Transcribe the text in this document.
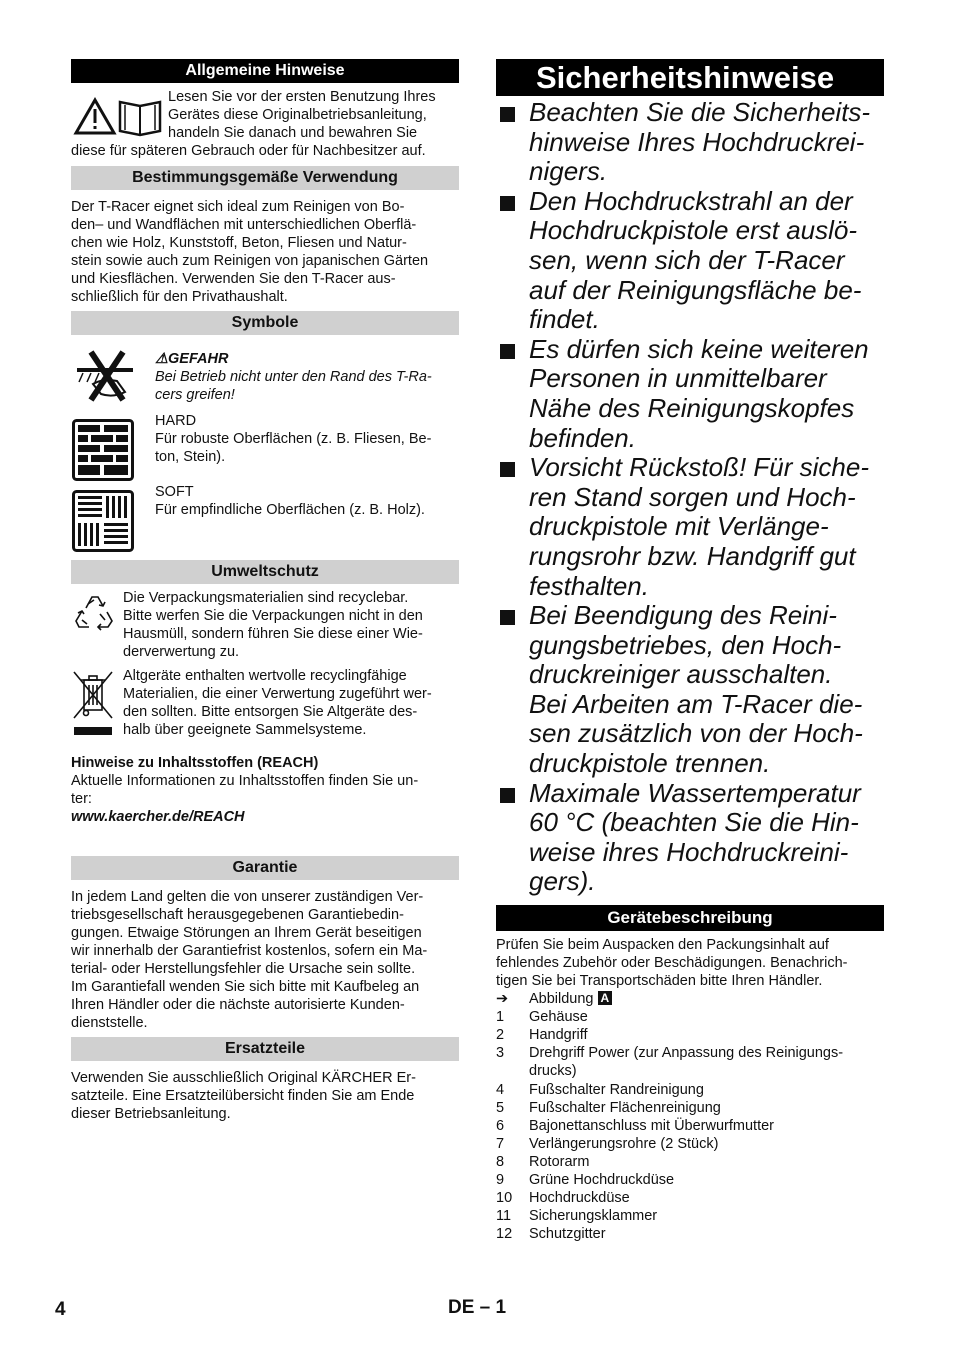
Allgemeine Hinweise

Lesen Sie vor der ersten Benutzung Ihres

Gerätes diese Originalbetriebsanleitung,

handeln Sie danach und bewahren Sie

diese für späteren Gebrauch oder für Nachbesitzer auf.

Bestimmungsgemäße Verwendung

Der T-Racer eignet sich ideal zum Reinigen von Bo-

den– und Wandflächen mit unterschiedlichen Oberflä-

chen wie Holz, Kunststoff, Beton, Fliesen und Natur-

stein sowie auch zum Reinigen von japanischen Gärten

und Kiesflächen. Verwenden Sie den T-Racer aus-

schließlich für den Privathaushalt.

Symbole

⚠GEFAHR

Bei Betrieb nicht unter den Rand des T-Ra-

cers greifen!

HARD

Für robuste Oberflächen (z. B. Fliesen, Be-

ton, Stein).

SOFT

Für empfindliche Oberflächen (z. B. Holz).

Umweltschutz

Die Verpackungsmaterialien sind recyclebar.

Bitte werfen Sie die Verpackungen nicht in den

Hausmüll, sondern führen Sie diese einer Wie-

derverwertung zu.

Altgeräte enthalten wertvolle recyclingfähige

Materialien, die einer Verwertung zugeführt wer-

den sollten. Bitte entsorgen Sie Altgeräte des-

halb über geeignete Sammelsysteme.

Hinweise zu Inhaltsstoffen (REACH)

Aktuelle Informationen zu Inhaltsstoffen finden Sie un-

ter:

www.kaercher.de/REACH

Garantie

In jedem Land gelten die von unserer zuständigen Ver-

triebsgesellschaft herausgegebenen Garantiebedin-

gungen. Etwaige Störungen an Ihrem Gerät beseitigen

wir innerhalb der Garantiefrist kostenlos, sofern ein Ma-

terial- oder Herstellungsfehler die Ursache sein sollte.

Im Garantiefall wenden Sie sich bitte mit Kaufbeleg an

Ihren Händler oder die nächste autorisierte Kunden-

dienststelle.

Ersatzteile

Verwenden Sie ausschließlich Original KÄRCHER Er-

satzteile. Eine Ersatzteilübersicht finden Sie am Ende

dieser Betriebsanleitung.

Sicherheitshinweise
Beachten Sie die Sicherheits-
hinweise Ihres Hochdruckrei-
nigers.
Den Hochdruckstrahl an der
Hochdruckpistole erst auslö-
sen, wenn sich der T-Racer
auf der Reinigungsfläche be-
findet.
Es dürfen sich keine weiteren
Personen in unmittelbarer
Nähe des Reinigungskopfes
befinden.
Vorsicht Rückstoß! Für siche-
ren Stand sorgen und Hoch-
druckpistole mit Verlänge-
rungsrohr bzw. Handgriff gut
festhalten.
Bei Beendigung des Reini-
gungsbetriebes, den Hoch-
druckreiniger ausschalten.
Bei Arbeiten am T-Racer die-
sen zusätzlich von der Hoch-
druckpistole trennen.
Maximale Wassertemperatur
60 °C (beachten Sie die Hin-
weise ihres Hochdruckreini-
gers).
Gerätebeschreibung

Prüfen Sie beim Auspacken den Packungsinhalt auf

fehlendes Zubehör oder Beschädigungen. Benachrich-

tigen Sie bei Transportschäden bitte Ihren Händler.

➔ Abbildung A
1 Gehäuse
2 Handgriff
3 Drehgriff Power (zur Anpassung des Reinigungs-
drucks)
4 Fußschalter Randreinigung
5 Fußschalter Flächenreinigung
6 Bajonettanschluss mit Überwurfmutter
7 Verlängerungsrohre (2 Stück)
8 Rotorarm
9 Grüne Hochdruckdüse
10 Hochdruckdüse
11 Sicherungsklammer
12 Schutzgitter
4	DE – 1
